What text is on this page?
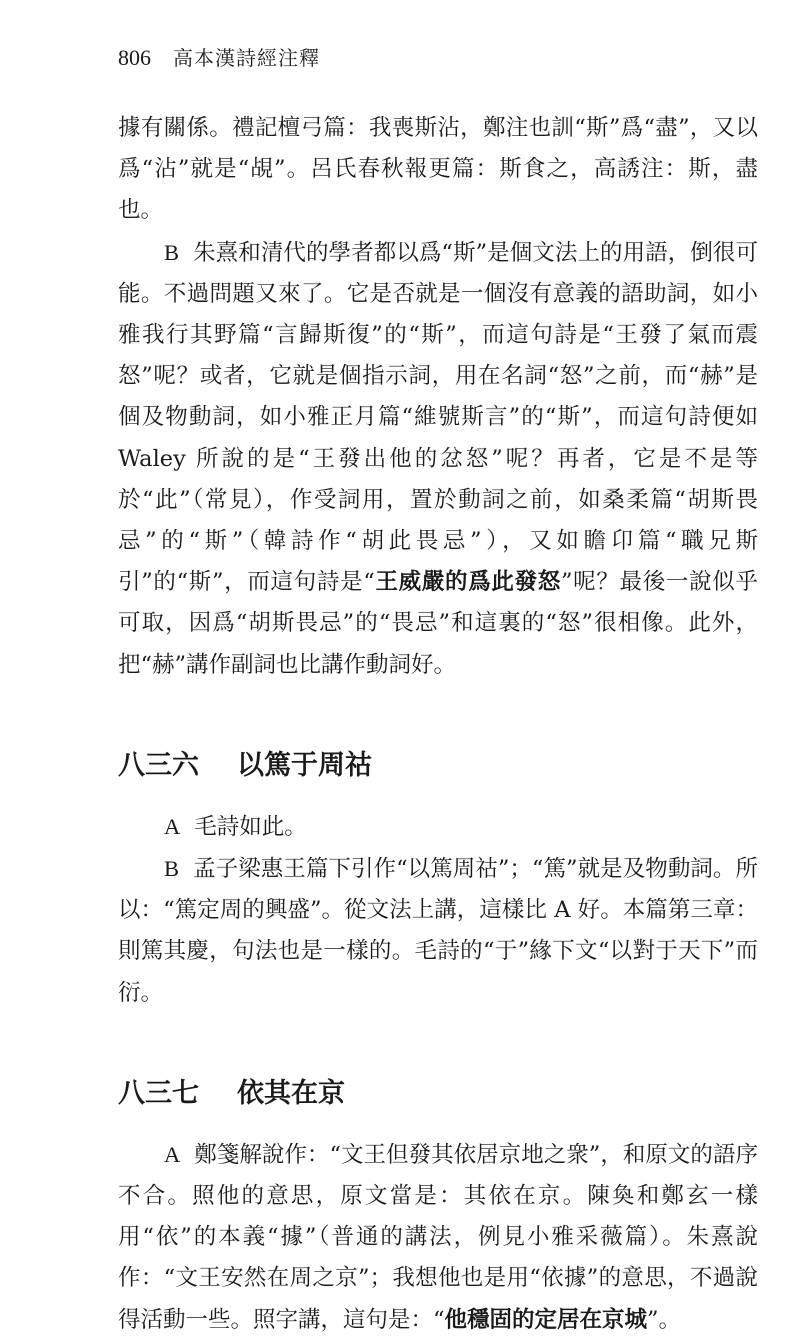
806 高本漢詩經注釋

據有關係。禮記檀弓篇：我喪斯沾，鄭注也訓“斯”爲“盡”，又以爲“沾”就是“覘”。呂氏春秋報更篇：斯食之，高誘注：斯，盡也。

B 朱熹和清代的學者都以爲“斯”是個文法上的用語，倒很可能。不過問題又來了。它是否就是一個沒有意義的語助詞，如小雅我行其野篇“言歸斯復”的“斯”，而這句詩是“王發了氣而震怒”呢？或者，它就是個指示詞，用在名詞“怒”之前，而“赫”是個及物動詞，如小雅正月篇“維號斯言”的“斯”，而這句詩便如 Waley 所說的是“王發出他的忿怒”呢？再者，它是不是等於“此”（常見），作受詞用，置於動詞之前，如桑柔篇“胡斯畏忌”的“斯”（韓詩作“胡此畏忌”），又如瞻卬篇“職兄斯引”的“斯”，而這句詩是“王威嚴的爲此發怒”呢？最後一說似乎可取，因爲“胡斯畏忌”的“畏忌”和這裏的“怒”很相像。此外，把“赫”講作副詞也比講作動詞好。

八三六 以篤于周祜

A 毛詩如此。

B 孟子梁惠王篇下引作“以篤周祜”；“篤”就是及物動詞。所以：“篤定周的興盛”。從文法上講，這樣比 A 好。本篇第三章：則篤其慶，句法也是一樣的。毛詩的“于”緣下文“以對于天下”而衍。

八三七 依其在京

A 鄭箋解說作：“文王但發其依居京地之衆”，和原文的語序不合。照他的意思，原文當是：其依在京。陳奐和鄭玄一樣用“依”的本義“據”（普通的講法，例見小雅采薇篇）。朱熹說作：“文王安然在周之京”；我想他也是用“依據”的意思，不過說得活動一些。照字講，這句是：“他穩固的定居在京城”。
